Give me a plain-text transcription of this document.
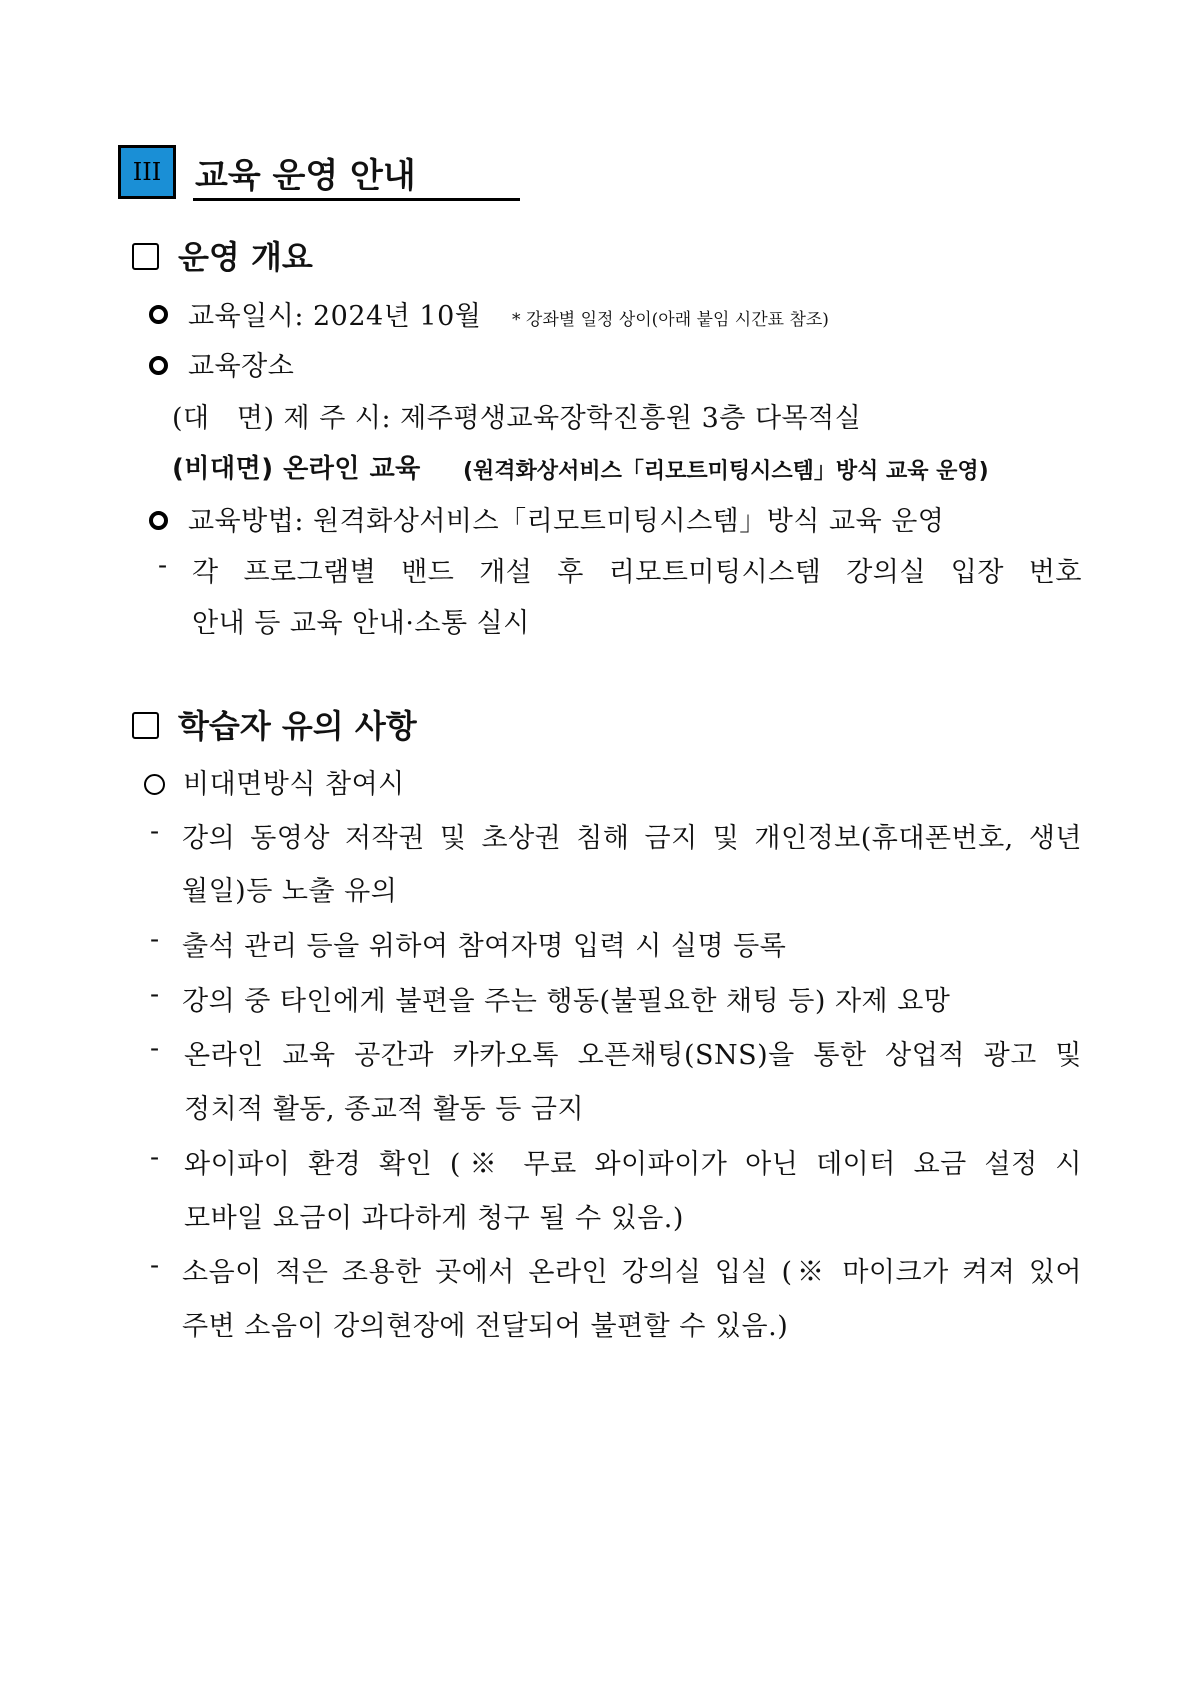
III 교육 운영 안내
운영 개요
교육일시: 2024년 10월 * 강좌별 일정 상이(아래 붙임 시간표 참조)
교육장소
(대   면) 제 주 시: 제주평생교육장학진흥원 3층 다목적실
(비대면) 온라인 교육 (원격화상서비스「리모트미팅시스템」방식 교육 운영)
교육방법: 원격화상서비스「리모트미팅시스템」방식 교육 운영
- 각 프로그램별 밴드 개설 후 리모트미팅시스템 강의실 입장 번호
안내 등 교육 안내·소통 실시
학습자 유의 사항
비대면방식 참여시
- 강의 동영상 저작권 및 초상권 침해 금지 및 개인정보(휴대폰번호, 생년
월일)등 노출 유의
- 출석 관리 등을 위하여 참여자명 입력 시 실명 등록
- 강의 중 타인에게 불편을 주는 행동(불필요한 채팅 등) 자제 요망
- 온라인 교육 공간과 카카오톡 오픈채팅(SNS)을 통한 상업적 광고 및
정치적 활동, 종교적 활동 등 금지
- 와이파이 환경 확인 (※ 무료 와이파이가 아닌 데이터 요금 설정 시
모바일 요금이 과다하게 청구 될 수 있음.)
- 소음이 적은 조용한 곳에서 온라인 강의실 입실 (※ 마이크가 켜져 있어
주변 소음이 강의현장에 전달되어 불편할 수 있음.)
